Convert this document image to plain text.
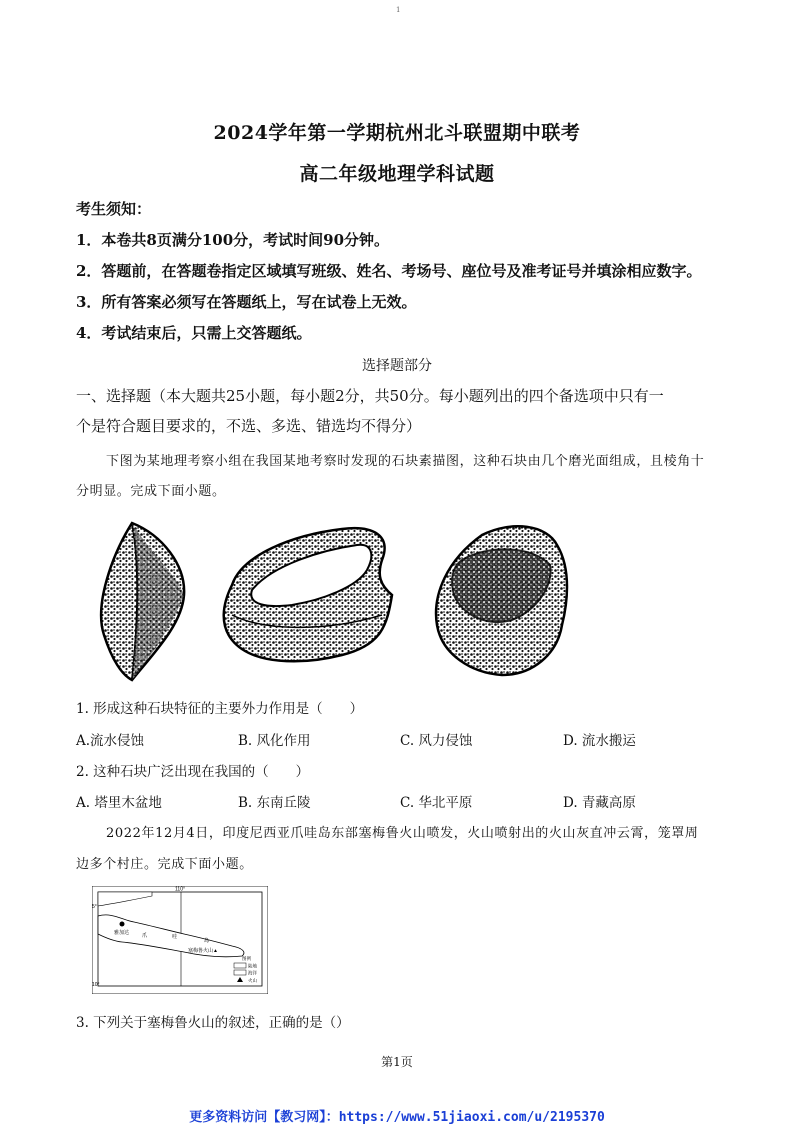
1
2024学年第一学期杭州北斗联盟期中联考
高二年级地理学科试题
考生须知：
1．本卷共8页满分100分，考试时间90分钟。
2．答题前，在答题卷指定区域填写班级、姓名、考场号、座位号及准考证号并填涂相应数字。
3．所有答案必须写在答题纸上，写在试卷上无效。
4．考试结束后，只需上交答题纸。
选择题部分
一、选择题（本大题共25小题，每小题2分，共50分。每小题列出的四个备选项中只有一
个是符合题目要求的，不选、多选、错选均不得分）
下图为某地理考察小组在我国某地考察时发现的石块素描图，这种石块由几个磨光面组成，且棱角十
分明显。完成下面小题。
1. 形成这种石块特征的主要外力作用是（　　）
A.流水侵蚀	B. 风化作用	C. 风力侵蚀	D. 流水搬运
2. 这种石块广泛出现在我国的（　　）
A. 塔里木盆地	B. 东南丘陵	C. 华北平原	D. 青藏高原
2022年12月4日，印度尼西亚爪哇岛东部塞梅鲁火山喷发，火山喷射出的火山灰直冲云霄，笼罩周
边多个村庄。完成下面小题。
110°
5°
10°
雅加达	爪	哇
岛
塞梅鲁火山▲
图例
陆地
海洋
火山
3. 下列关于塞梅鲁火山的叙述，正确的是（）
第1页
更多资料访问【教习网】：https://www.51jiaoxi.com/u/2195370
